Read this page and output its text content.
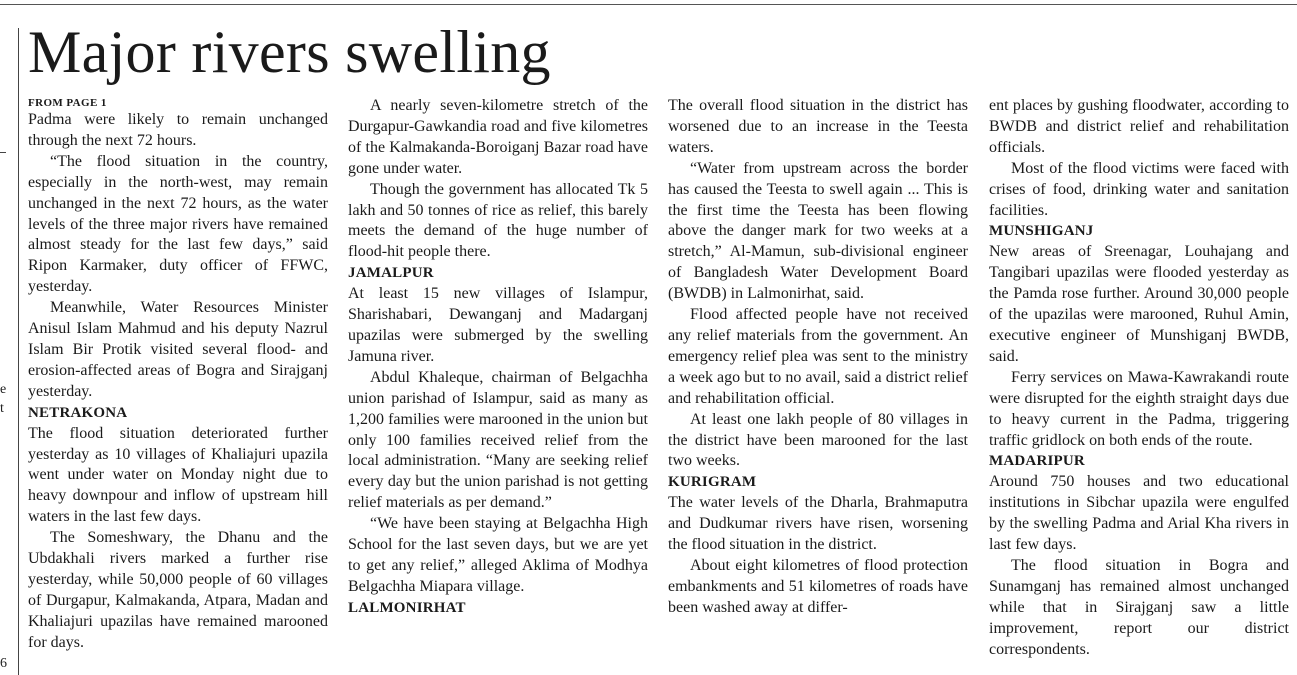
e
t
6
Major rivers swelling
FROM PAGE 1

Padma were likely to remain unchanged through the next 72 hours.

“The flood situation in the country, especially in the north-west, may remain unchanged in the next 72 hours, as the water levels of the three major rivers have remained almost steady for the last few days,” said Ripon Karmaker, duty officer of FFWC, yesterday.

Meanwhile, Water Resources Minister Anisul Islam Mahmud and his deputy Nazrul Islam Bir Protik visited several flood- and erosion-affected areas of Bogra and Sirajganj yesterday.

NETRAKONA

The flood situation deteriorated further yesterday as 10 villages of Khaliajuri upazila went under water on Monday night due to heavy downpour and inflow of upstream hill waters in the last few days.

The Someshwary, the Dhanu and the Ubdakhali rivers marked a further rise yesterday, while 50,000 people of 60 villages of Durgapur, Kalmakanda, Atpara, Madan and Khaliajuri upazilas have remained marooned for days.

A nearly seven-kilometre stretch of the Durgapur-Gawkandia road and five kilometres of the Kalmakanda-Boroiganj Bazar road have gone under water.

Though the government has allocated Tk 5 lakh and 50 tonnes of rice as relief, this barely meets the demand of the huge number of flood-hit people there.

JAMALPUR

At least 15 new villages of Islampur, Sharishabari, Dewanganj and Madarganj upazilas were submerged by the swelling Jamuna river.

Abdul Khaleque, chairman of Belgachha union parishad of Islampur, said as many as 1,200 families were marooned in the union but only 100 families received relief from the local administration. “Many are seeking relief every day but the union parishad is not getting relief materials as per demand.”

“We have been staying at Belgachha High School for the last seven days, but we are yet to get any relief,” alleged Aklima of Modhya Belgachha Miapara village.

LALMONIRHAT

The overall flood situation in the district has worsened due to an increase in the Teesta waters.

“Water from upstream across the border has caused the Teesta to swell again ... This is the first time the Teesta has been flowing above the danger mark for two weeks at a stretch,” Al-Mamun, sub-divisional engineer of Bangladesh Water Development Board (BWDB) in Lalmonirhat, said.

Flood affected people have not received any relief materials from the government. An emergency relief plea was sent to the ministry a week ago but to no avail, said a district relief and rehabilitation official.

At least one lakh people of 80 villages in the district have been marooned for the last two weeks.

KURIGRAM

The water levels of the Dharla, Brahmaputra and Dudkumar rivers have risen, worsening the flood situation in the district.

About eight kilometres of flood protection embankments and 51 kilometres of roads have been washed away at differ-

ent places by gushing floodwater, according to BWDB and district relief and rehabilitation officials.

Most of the flood victims were faced with crises of food, drinking water and sanitation facilities.

MUNSHIGANJ

New areas of Sreenagar, Louhajang and Tangibari upazilas were flooded yesterday as the Pamda rose further. Around 30,000 people of the upazilas were marooned, Ruhul Amin, executive engineer of Munshiganj BWDB, said.

Ferry services on Mawa-Kawrakandi route were disrupted for the eighth straight days due to heavy current in the Padma, triggering traffic gridlock on both ends of the route.

MADARIPUR

Around 750 houses and two educational institutions in Sibchar upazila were engulfed by the swelling Padma and Arial Kha rivers in last few days.

The flood situation in Bogra and Sunamganj has remained almost unchanged while that in Sirajganj saw a little improvement, report our district correspondents.
